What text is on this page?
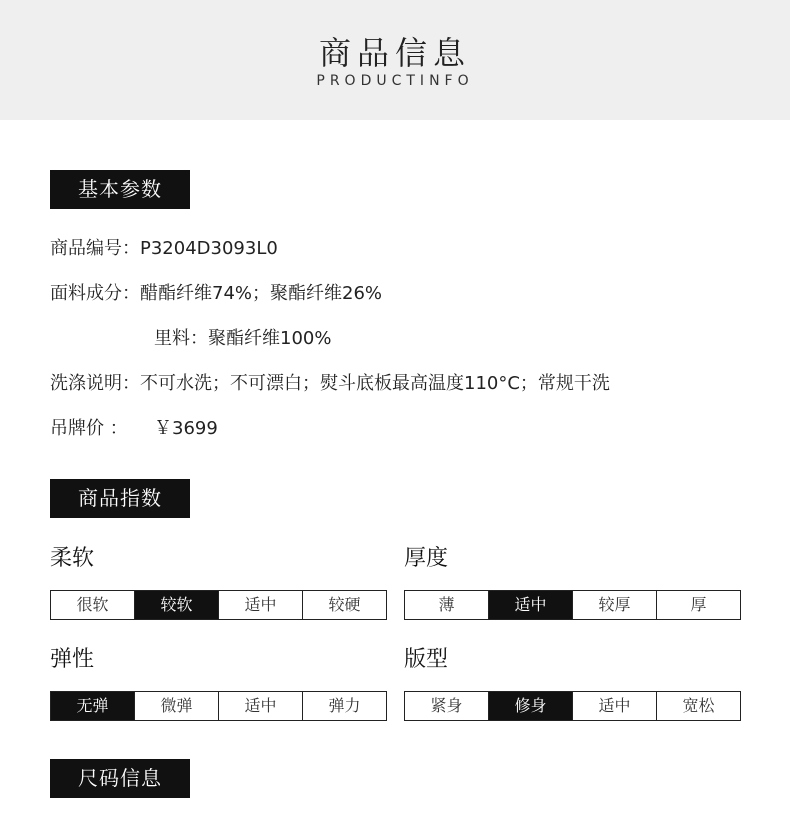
商品信息
PRODUCTINFO
基本参数
商品编号：P3204D3093L0
面料成分：醋酯纤维74%；聚酯纤维26%
里料：聚酯纤维100%
洗涤说明：不可水洗；不可漂白；熨斗底板最高温度110°C；常规干洗
吊牌价 ： ￥3699
商品指数
柔软
很软	较软	适中	较硬
厚度
薄	适中	较厚	厚
弹性
无弹	微弹	适中	弹力
版型
紧身	修身	适中	宽松
尺码信息
